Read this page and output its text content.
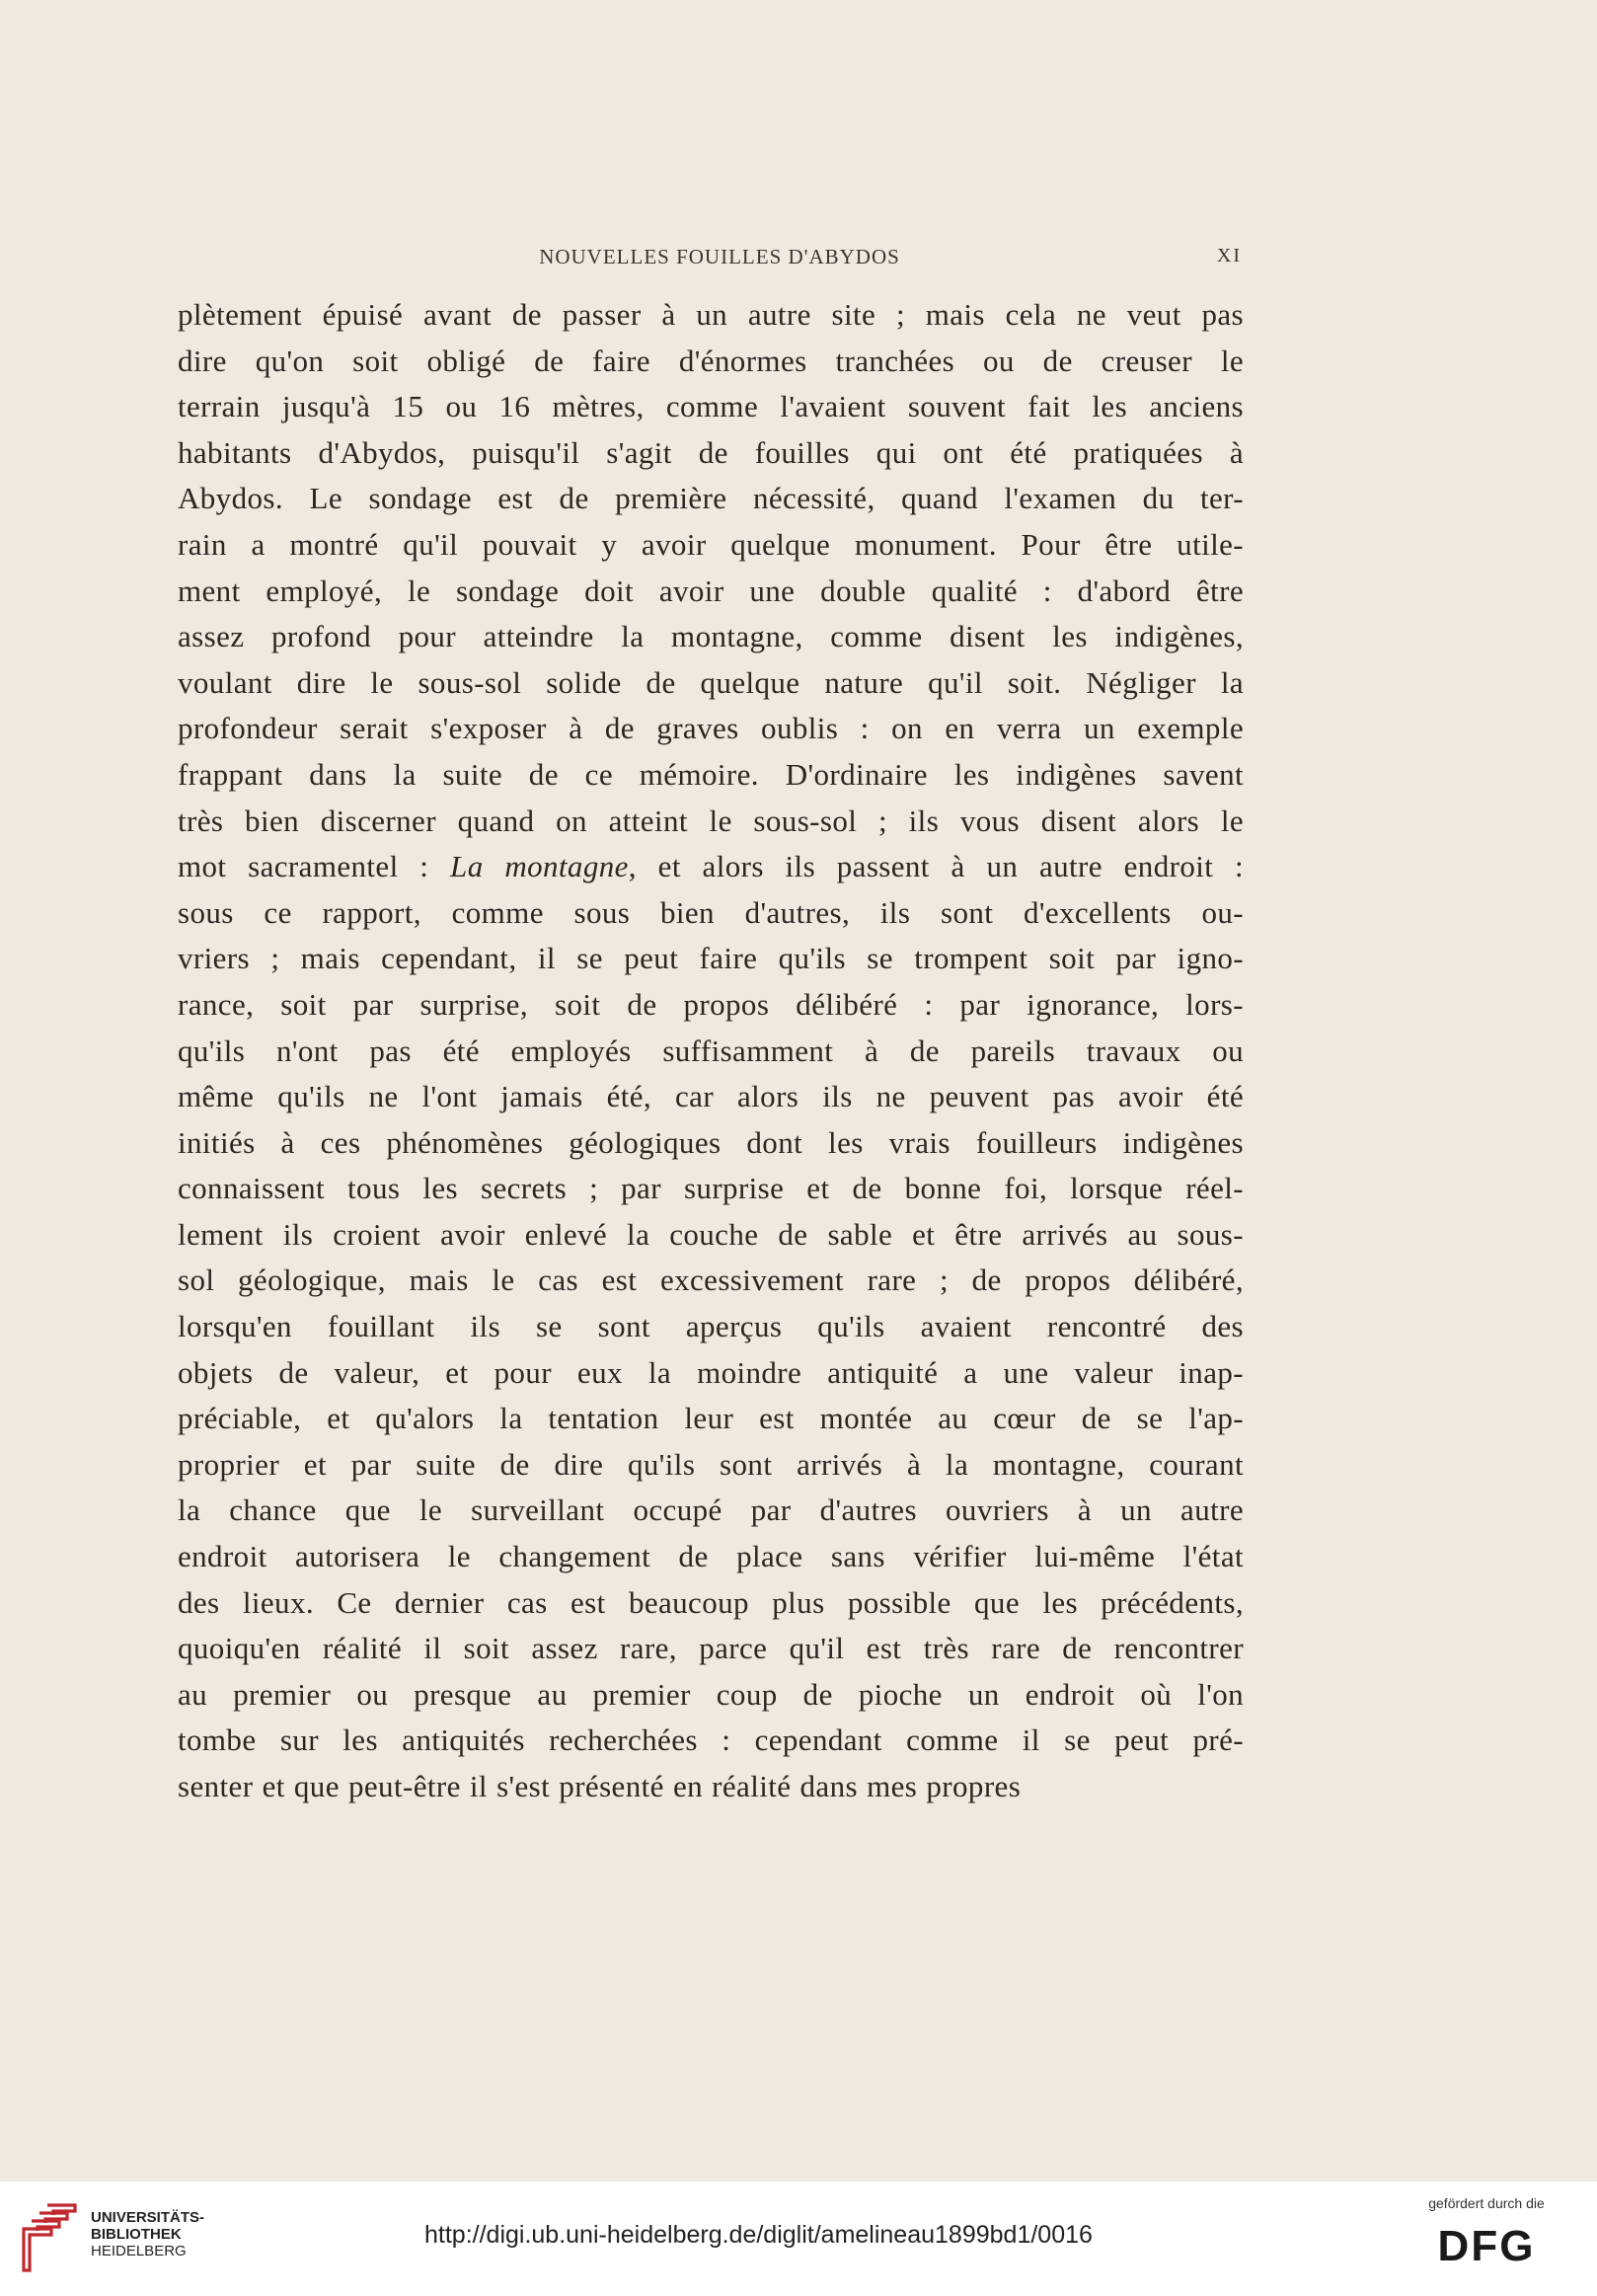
NOUVELLES FOUILLES D'ABYDOS	XI
plètement épuisé avant de passer à un autre site ; mais cela ne veut pas
dire qu'on soit obligé de faire d'énormes tranchées ou de creuser le
terrain jusqu'à 15 ou 16 mètres, comme l'avaient souvent fait les anciens
habitants d'Abydos, puisqu'il s'agit de fouilles qui ont été pratiquées à
Abydos. Le sondage est de première nécessité, quand l'examen du ter-
rain a montré qu'il pouvait y avoir quelque monument. Pour être utile-
ment employé, le sondage doit avoir une double qualité : d'abord être
assez profond pour atteindre la montagne, comme disent les indigènes,
voulant dire le sous-sol solide de quelque nature qu'il soit. Négliger la
profondeur serait s'exposer à de graves oublis : on en verra un exemple
frappant dans la suite de ce mémoire. D'ordinaire les indigènes savent
très bien discerner quand on atteint le sous-sol ; ils vous disent alors le
mot sacramentel : La montagne, et alors ils passent à un autre endroit :
sous ce rapport, comme sous bien d'autres, ils sont d'excellents ou-
vriers ; mais cependant, il se peut faire qu'ils se trompent soit par igno-
rance, soit par surprise, soit de propos délibéré : par ignorance, lors-
qu'ils n'ont pas été employés suffisamment à de pareils travaux ou
même qu'ils ne l'ont jamais été, car alors ils ne peuvent pas avoir été
initiés à ces phénomènes géologiques dont les vrais fouilleurs indigènes
connaissent tous les secrets ; par surprise et de bonne foi, lorsque réel-
lement ils croient avoir enlevé la couche de sable et être arrivés au sous-
sol géologique, mais le cas est excessivement rare ; de propos délibéré,
lorsqu'en fouillant ils se sont aperçus qu'ils avaient rencontré des
objets de valeur, et pour eux la moindre antiquité a une valeur inap-
préciable, et qu'alors la tentation leur est montée au cœur de se l'ap-
proprier et par suite de dire qu'ils sont arrivés à la montagne, courant
la chance que le surveillant occupé par d'autres ouvriers à un autre
endroit autorisera le changement de place sans vérifier lui-même l'état
des lieux. Ce dernier cas est beaucoup plus possible que les précédents,
quoiqu'en réalité il soit assez rare, parce qu'il est très rare de rencontrer
au premier ou presque au premier coup de pioche un endroit où l'on
tombe sur les antiquités recherchées : cependant comme il se peut pré-
senter et que peut-être il s'est présenté en réalité dans mes propres
UNIVERSITÄTS-
BIBLIOTHEK
HEIDELBERG
http://digi.ub.uni-heidelberg.de/diglit/amelineau1899bd1/0016
gefördert durch die
DFG
